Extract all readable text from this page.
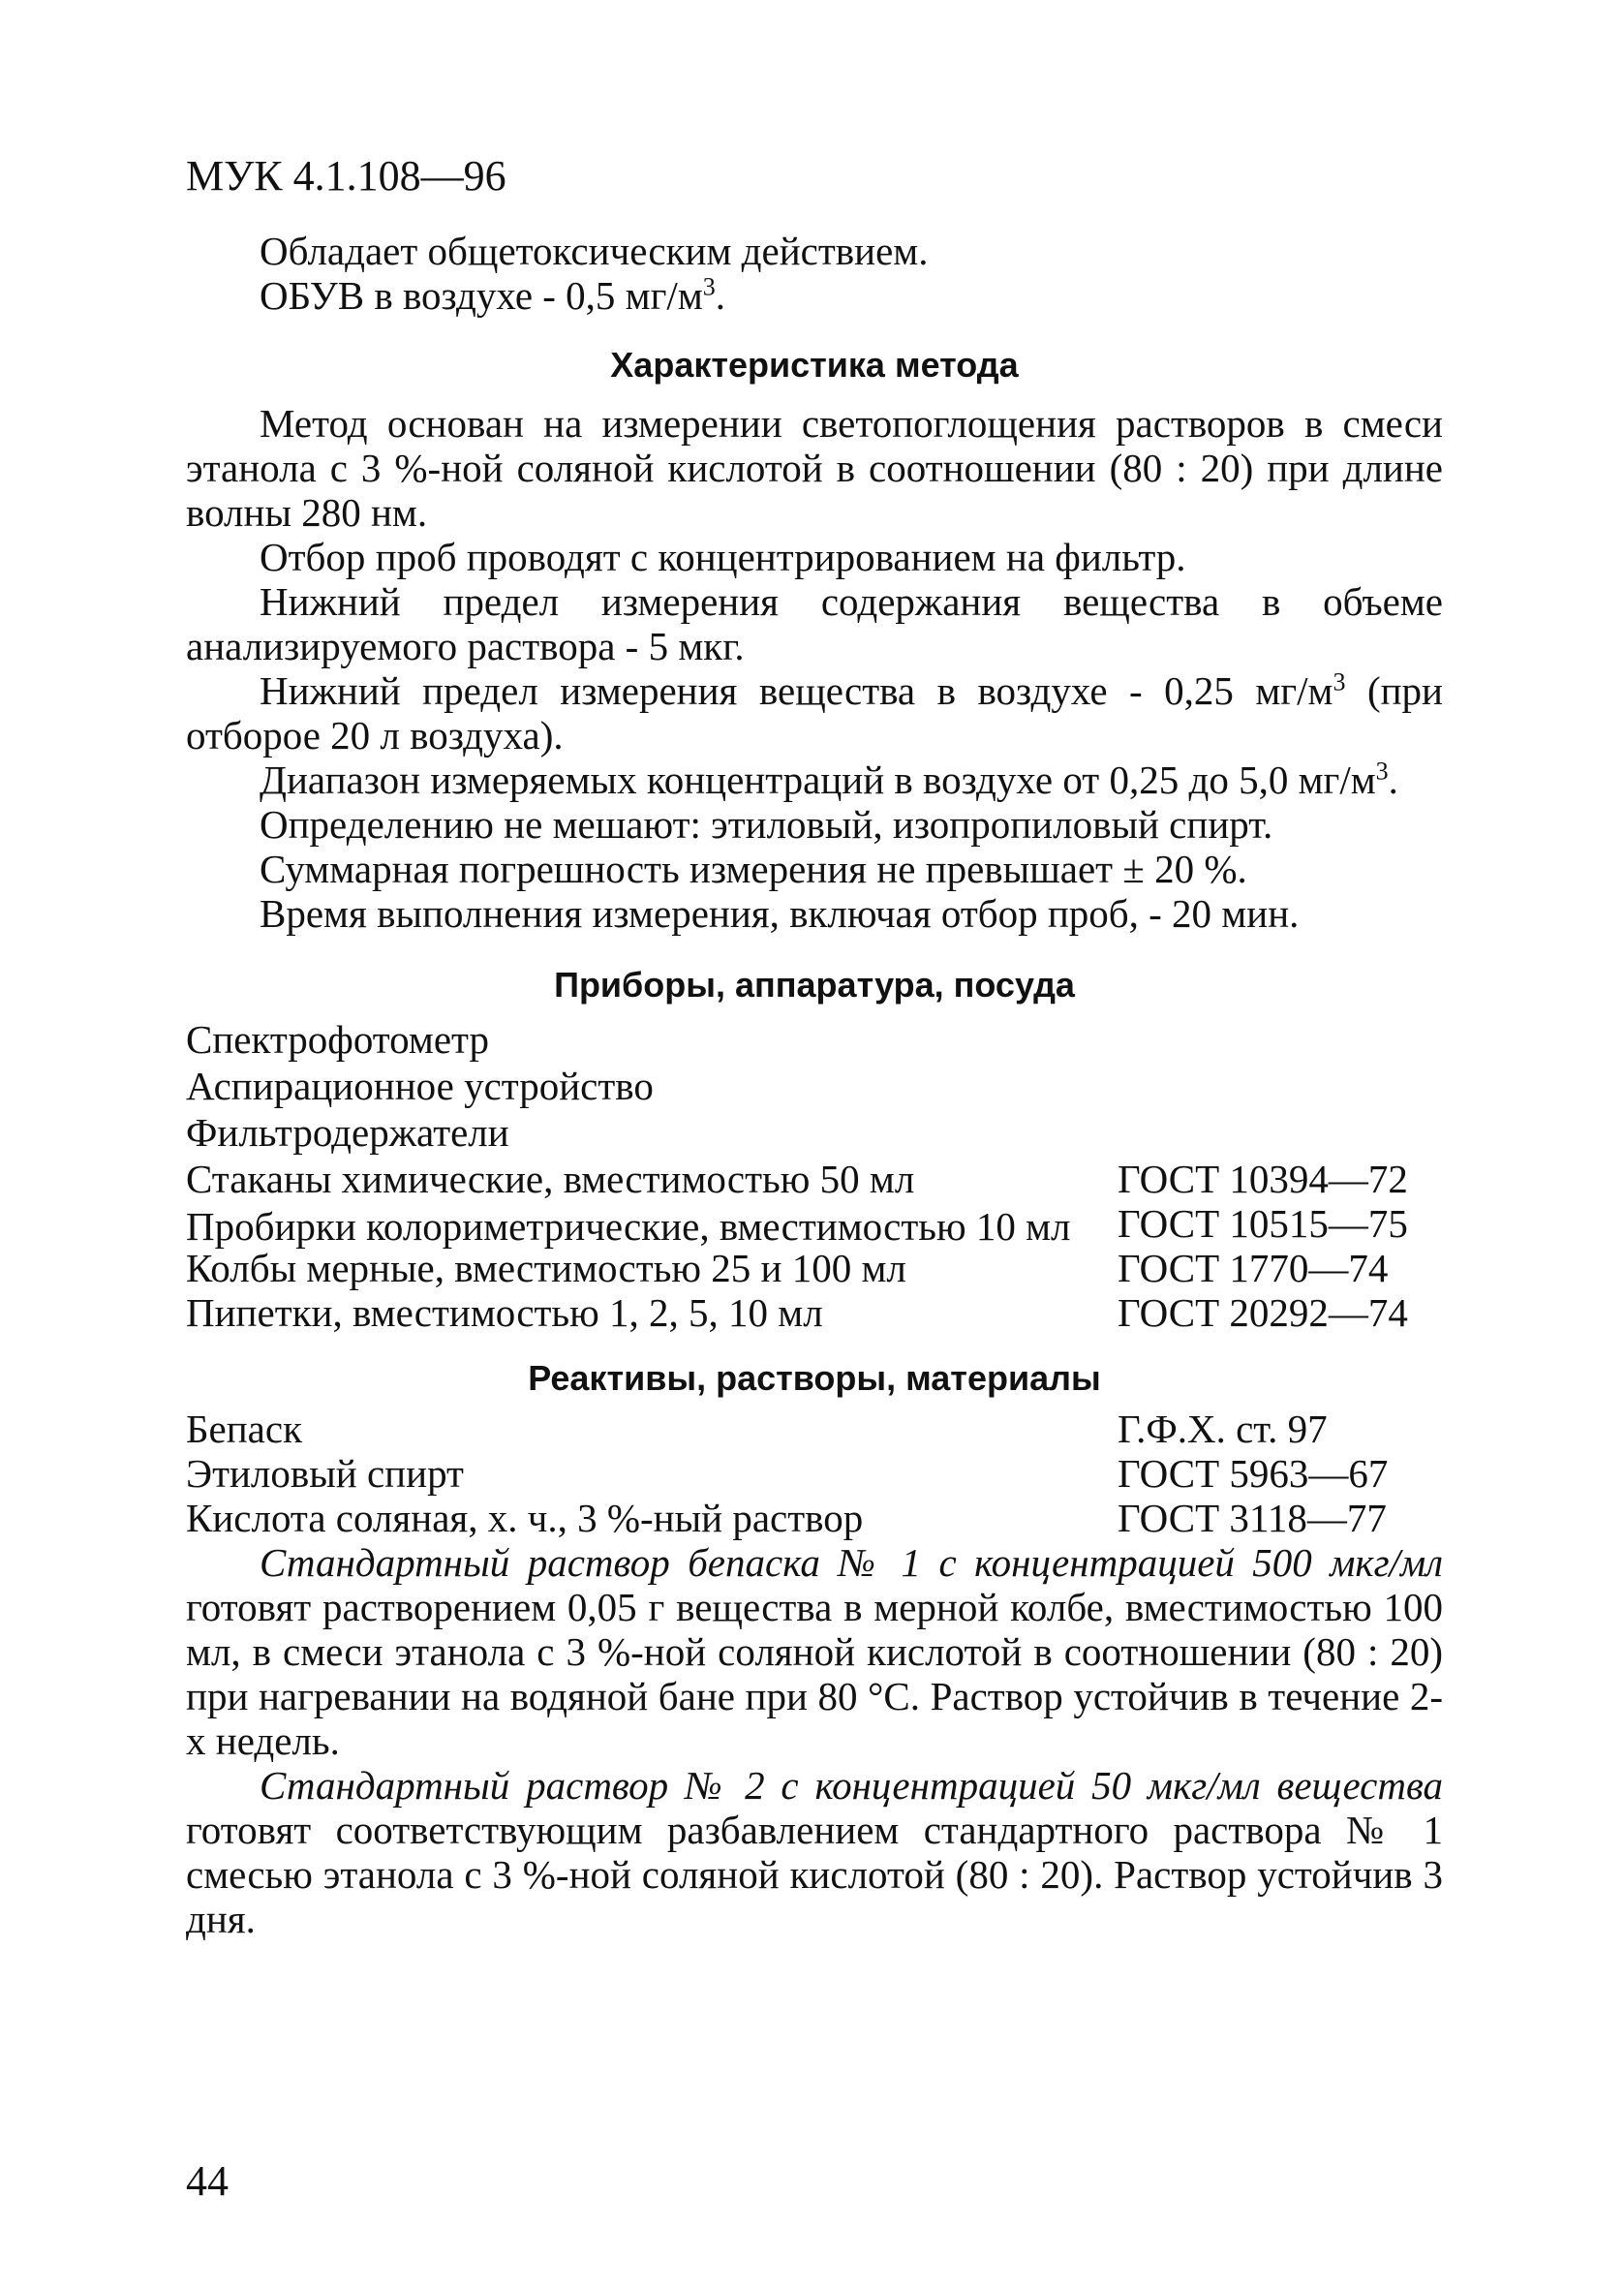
МУК 4.1.108—96

Обладает общетоксическим действием.

ОБУВ в воздухе - 0,5 $мг/м^3$.

Характеристика метода

Метод основан на измерении светопоглощения растворов в смеси этанола с 3 %-ной соляной кислотой в соотношении (80 : 20) при длине волны 280 нм.

Отбор проб проводят с концентрированием на фильтр.

Нижний предел измерения содержания вещества в объеме анализируемого раствора - 5 мкг.

Нижний предел измерения вещества в воздухе - 0,25 $мг/м^3$ (при отборое 20 л воздуха).

Диапазон измеряемых концентраций в воздухе от 0,25 до 5,0 $мг/м^3$.

Определению не мешают: этиловый, изопропиловый спирт.

Суммарная погрешность измерения не превышает ± 20 %.

Время выполнения измерения, включая отбор проб, - 20 мин.

Приборы, аппаратура, посуда
Спектрофотометр
Аспирационное устройство
Фильтродержатели
Стаканы химические, вместимостью 50 мл	ГОСТ 10394—72
Пробирки колориметрические, вместимостью 10 мл	ГОСТ 10515—75
Колбы мерные, вместимостью 25 и 100 мл	ГОСТ 1770—74
Пипетки, вместимостью 1, 2, 5, 10 мл	ГОСТ 20292—74
Реактивы, растворы, материалы
Бепаск	Г.Ф.Х. ст. 97
Этиловый спирт	ГОСТ 5963—67
Кислота соляная, х. ч., 3 %-ный раствор	ГОСТ 3118—77

Стандартный раствор бепаска № 1 с концентрацией 500 мкг/мл готовят растворением 0,05 г вещества в мерной колбе, вместимостью 100 мл, в смеси этанола с 3 %-ной соляной кислотой в соотношении (80 : 20) при нагревании на водяной бане при 80 °С. Раствор устойчив в течение 2-х недель.

Стандартный раствор № 2 с концентрацией 50 мкг/мл вещества готовят соответствующим разбавлением стандартного раствора № 1 смесью этанола с 3 %-ной соляной кислотой (80 : 20). Раствор устойчив 3 дня.

44
